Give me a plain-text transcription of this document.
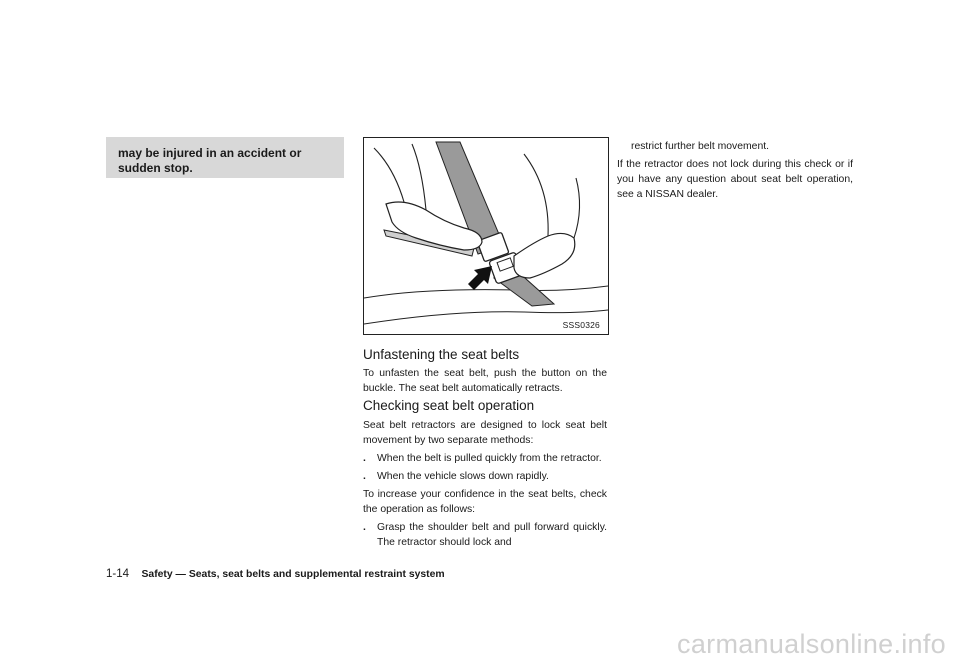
may be injured in an accident or sudden stop.
SSS0326
Unfastening the seat belts
To unfasten the seat belt, push the button on the buckle. The seat belt automatically retracts.
Checking seat belt operation
Seat belt retractors are designed to lock seat belt movement by two separate methods:
.	When the belt is pulled quickly from the retractor.
.	When the vehicle slows down rapidly.
To increase your confidence in the seat belts, check the operation as follows:
.	Grasp the shoulder belt and pull forward quickly. The retractor should lock and
restrict further belt movement.
If the retractor does not lock during this check or if you have any question about seat belt operation, see a NISSAN dealer.
1-14 Safety — Seats, seat belts and supplemental restraint system
carmanualsonline.info
